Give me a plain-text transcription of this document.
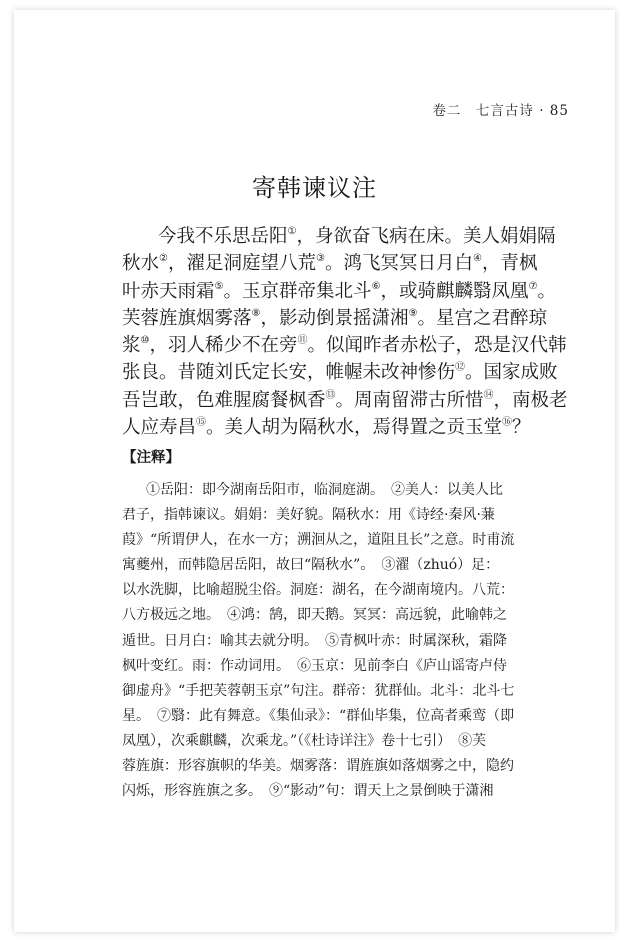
卷二　七言古诗 · 85
寄韩谏议注
今我不乐思岳阳①，身欲奋飞病在床。美人娟娟隔
秋水②，濯足洞庭望八荒③。鸿飞冥冥日月白④，青枫
叶赤天雨霜⑤。玉京群帝集北斗⑥，或骑麒麟翳凤凰⑦。
芙蓉旌旗烟雾落⑧，影动倒景摇潇湘⑨。星宫之君醉琼
浆⑩，羽人稀少不在旁⑪。似闻昨者赤松子，恐是汉代韩
张良。昔随刘氏定长安，帷幄未改神惨伤⑫。国家成败
吾岂敢，色难腥腐餐枫香⑬。周南留滞古所惜⑭，南极老
人应寿昌⑮。美人胡为隔秋水，焉得置之贡玉堂⑯？
【注释】
①岳阳：即今湖南岳阳市，临洞庭湖。　②美人：以美人比
君子，指韩谏议。娟娟：美好貌。隔秋水：用《诗经·秦风·蒹
葭》“所谓伊人，在水一方；溯洄从之，道阻且长”之意。时甫流
寓夔州，而韩隐居岳阳，故曰“隔秋水”。　③濯（zhuó）足：
以水洗脚，比喻超脱尘俗。洞庭：湖名，在今湖南境内。八荒：
八方极远之地。　④鸿：鹄，即天鹅。冥冥：高远貌，此喻韩之
遁世。日月白：喻其去就分明。　⑤青枫叶赤：时属深秋，霜降
枫叶变红。雨：作动词用。　⑥玉京：见前李白《庐山谣寄卢侍
御虚舟》“手把芙蓉朝玉京”句注。群帝：犹群仙。北斗：北斗七
星。　⑦翳：此有舞意。《集仙录》：“群仙毕集，位高者乘鸾（即
凤凰），次乘麒麟，次乘龙。”（《杜诗详注》卷十七引）　⑧芙
蓉旌旗：形容旗帜的华美。烟雾落：谓旌旗如落烟雾之中，隐约
闪烁，形容旌旗之多。　⑨“影动”句：谓天上之景倒映于潇湘
